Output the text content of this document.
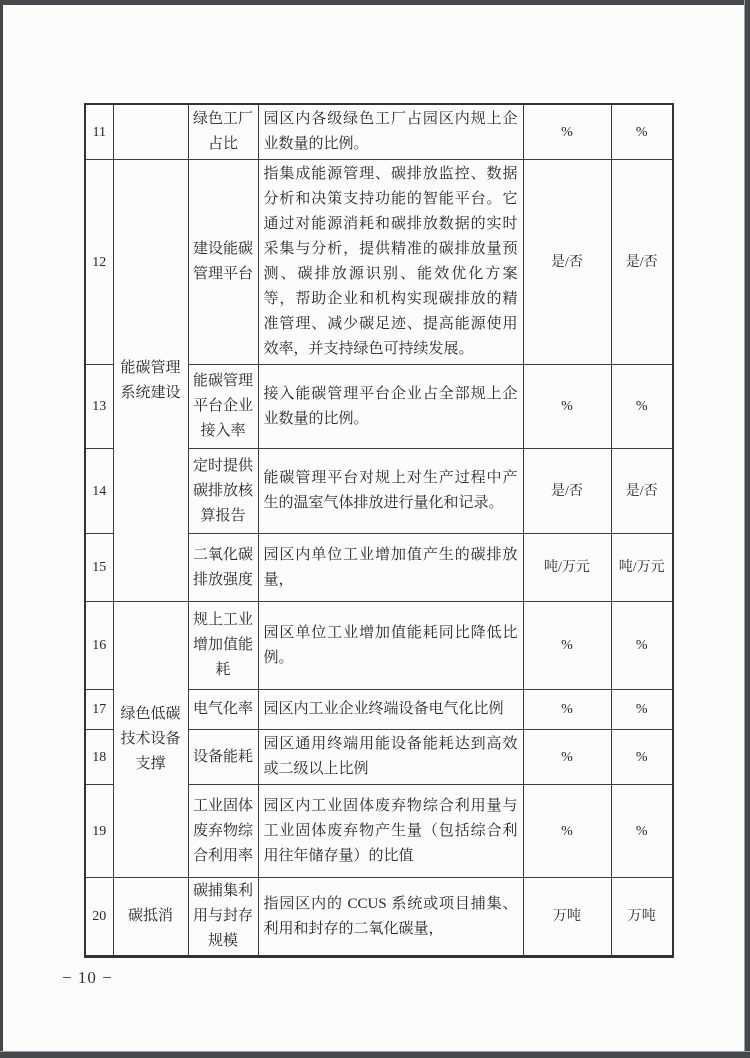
11		绿色工厂占比	园区内各级绿色工厂占园区内规上企业数量的比例。	%	%
12	能碳管理系统建设	建设能碳管理平台	指集成能源管理、碳排放监控、数据分析和决策支持功能的智能平台。它通过对能源消耗和碳排放数据的实时采集与分析，提供精准的碳排放量预测、碳排放源识别、能效优化方案等，帮助企业和机构实现碳排放的精准管理、减少碳足迹、提高能源使用效率，并支持绿色可持续发展。	是/否	是/否
13		能碳管理平台企业接入率	接入能碳管理平台企业占全部规上企业数量的比例。	%	%
14		定时提供碳排放核算报告	能碳管理平台对规上对生产过程中产生的温室气体排放进行量化和记录。	是/否	是/否
15		二氧化碳排放强度	园区内单位工业增加值产生的碳排放量，	吨/万元	吨/万元
16	绿色低碳技术设备支撑	规上工业增加值能耗	园区单位工业增加值能耗同比降低比例。	%	%
17		电气化率	园区内工业企业终端设备电气化比例	%	%
18		设备能耗	园区通用终端用能设备能耗达到高效或二级以上比例	%	%
19		工业固体废弃物综合利用率	园区内工业固体废弃物综合利用量与工业固体废弃物产生量（包括综合利用往年储存量）的比值	%	%
20	碳抵消	碳捕集利用与封存规模	指园区内的 CCUS 系统或项目捕集、利用和封存的二氧化碳量，	万吨	万吨
− 10 −
